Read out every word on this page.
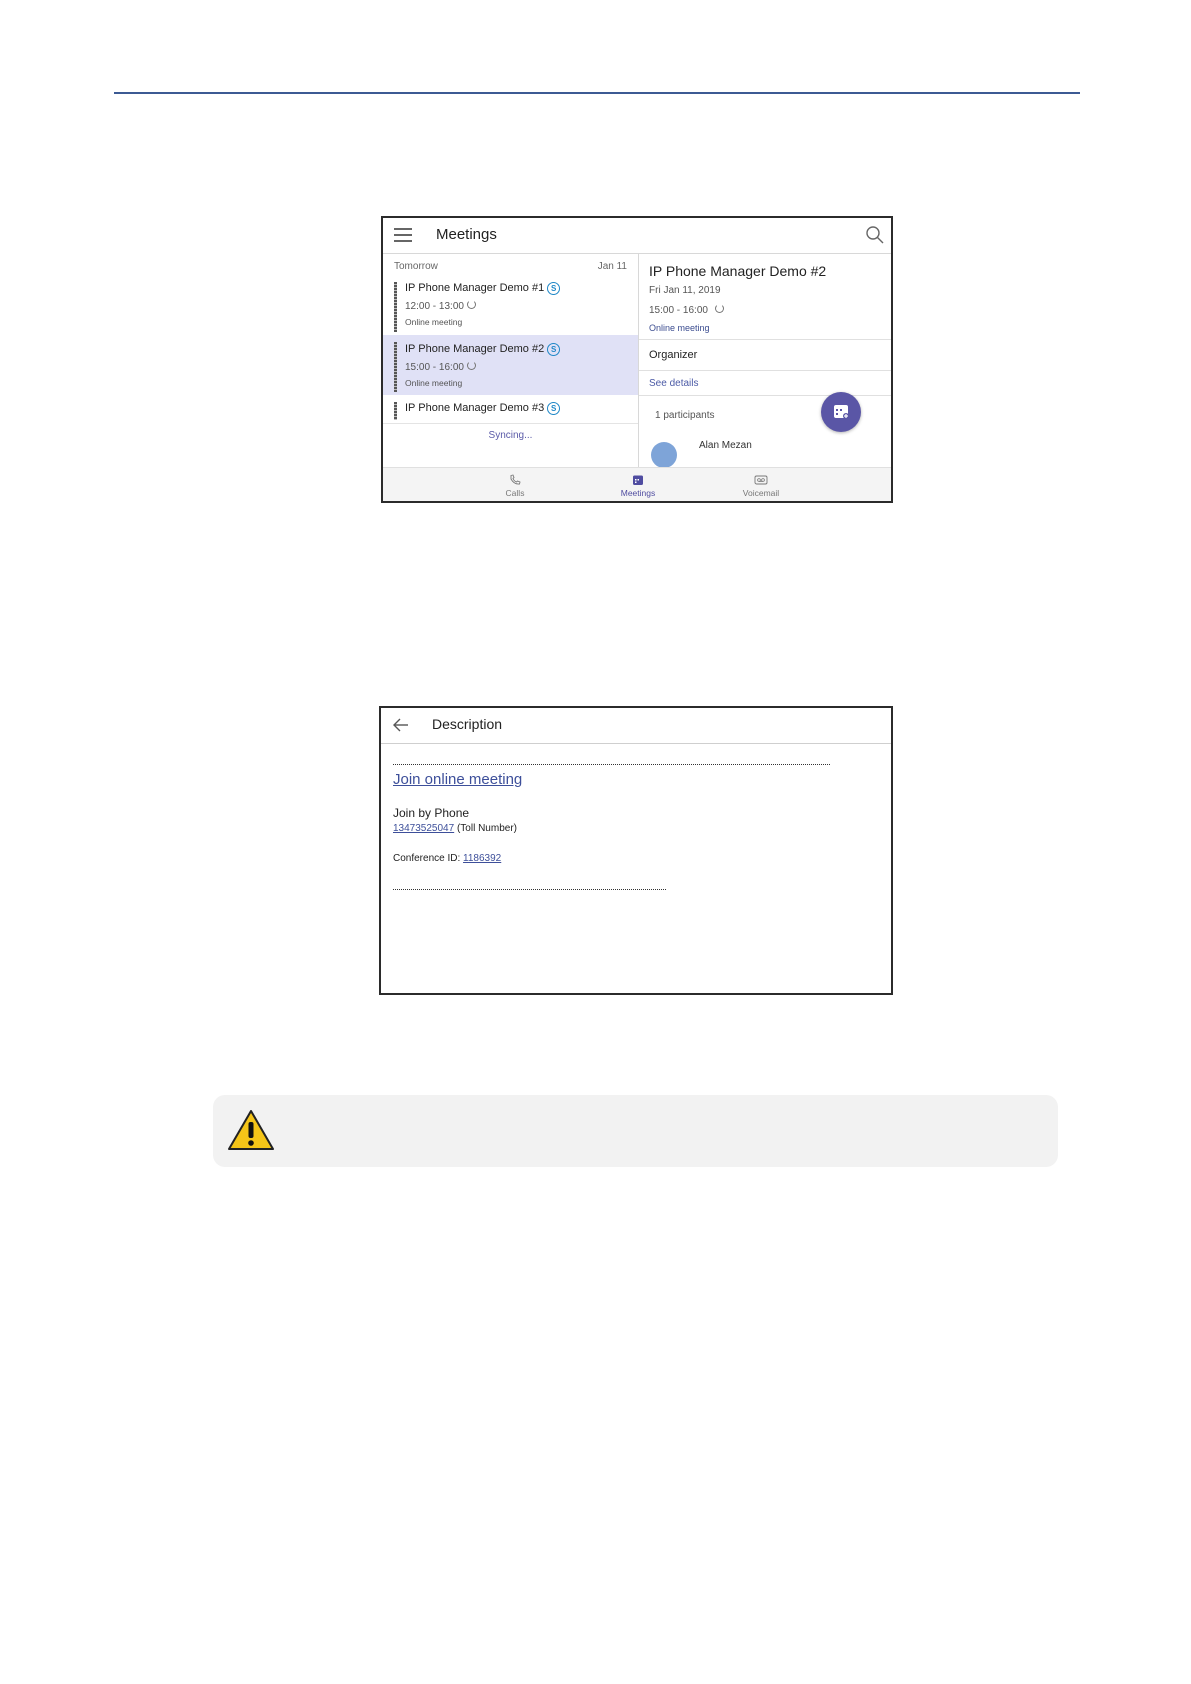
Meetings
Tomorrow	Jan 11
IP Phone Manager Demo #1 S
12:00 - 13:00
Online meeting
IP Phone Manager Demo #2 S
15:00 - 16:00
Online meeting
IP Phone Manager Demo #3 S
Syncing...
IP Phone Manager Demo #2
Fri Jan 11, 2019
15:00 - 16:00
Online meeting
Organizer
See details
1 participants
Alan Mezan
Calls	Meetings	Voicemail
Description
Join online meeting
Join by Phone
13473525047 (Toll Number)
Conference ID: 1186392
